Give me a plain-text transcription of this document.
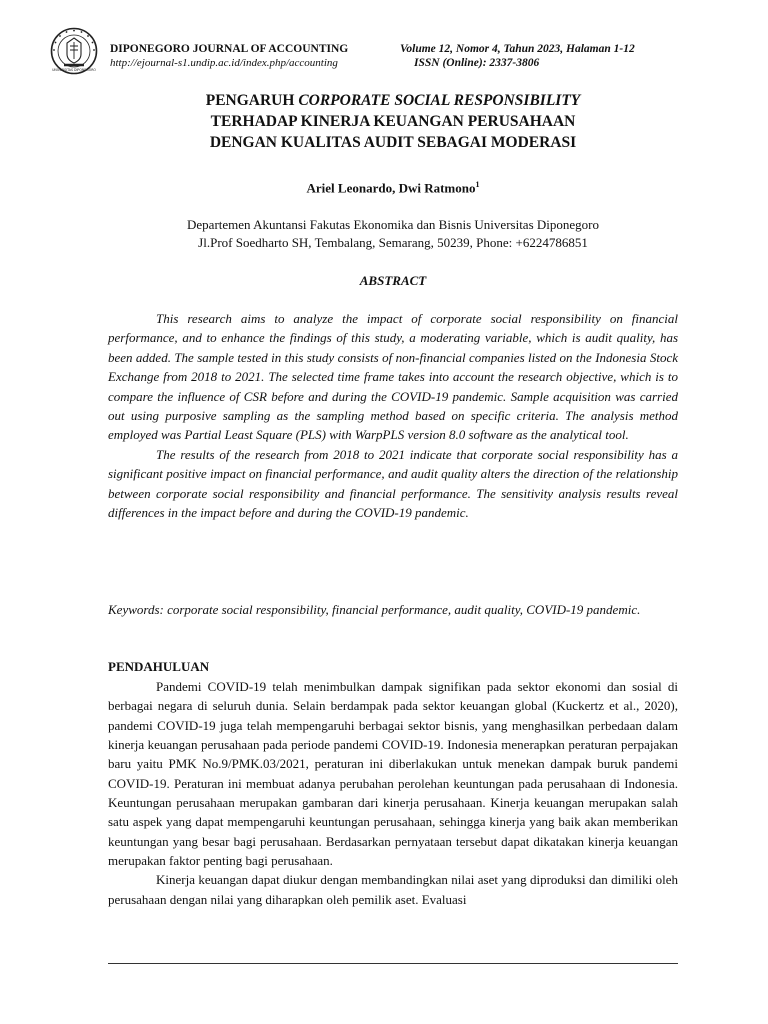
UNIVERSITAS DIPONEGORO
DIPONEGORO JOURNAL OF ACCOUNTING
http://ejournal-s1.undip.ac.id/index.php/accounting
Volume 12, Nomor 4, Tahun 2023, Halaman 1-12
ISSN (Online): 2337-3806
PENGARUH CORPORATE SOCIAL RESPONSIBILITY
TERHADAP KINERJA KEUANGAN PERUSAHAAN
DENGAN KUALITAS AUDIT SEBAGAI MODERASI
Ariel Leonardo, Dwi Ratmono$^1$
Departemen Akuntansi Fakutas Ekonomika dan Bisnis Universitas Diponegoro
Jl.Prof Soedharto SH, Tembalang, Semarang, 50239, Phone: +6224786851
ABSTRACT

This research aims to analyze the impact of corporate social responsibility on financial performance, and to enhance the findings of this study, a moderating variable, which is audit quality, has been added. The sample tested in this study consists of non-financial companies listed on the Indonesia Stock Exchange from 2018 to 2021. The selected time frame takes into account the research objective, which is to compare the influence of CSR before and during the COVID-19 pandemic. Sample acquisition was carried out using purposive sampling as the sampling method based on specific criteria. The analysis method employed was Partial Least Square (PLS) with WarpPLS version 8.0 software as the analytical tool.

The results of the research from 2018 to 2021 indicate that corporate social responsibility has a significant positive impact on financial performance, and audit quality alters the direction of the relationship between corporate social responsibility and financial performance. The sensitivity analysis results reveal differences in the impact before and during the COVID-19 pandemic.

Keywords: corporate social responsibility, financial performance, audit quality, COVID-19 pandemic.
PENDAHULUAN

Pandemi COVID-19 telah menimbulkan dampak signifikan pada sektor ekonomi dan sosial di berbagai negara di seluruh dunia. Selain berdampak pada sektor keuangan global (Kuckertz et al., 2020), pandemi COVID-19 juga telah mempengaruhi berbagai sektor bisnis, yang menghasilkan perbedaan dalam kinerja keuangan perusahaan pada periode pandemi COVID-19. Indonesia menerapkan peraturan perpajakan baru yaitu PMK No.9/PMK.03/2021, peraturan ini diberlakukan untuk menekan dampak buruk pandemi COVID-19. Peraturan ini membuat adanya perubahan perolehan keuntungan pada perusahaan di Indonesia. Keuntungan perusahaan merupakan gambaran dari kinerja perusahaan. Kinerja keuangan merupakan salah satu aspek yang dapat mempengaruhi keuntungan perusahaan, sehingga kinerja yang baik akan memberikan keuntungan yang besar bagi perusahaan. Berdasarkan pernyataan tersebut dapat dikatakan kinerja keuangan merupakan faktor penting bagi perusahaan.

Kinerja keuangan dapat diukur dengan membandingkan nilai aset yang diproduksi dan dimiliki oleh perusahaan dengan nilai yang diharapkan oleh pemilik aset. Evaluasi
